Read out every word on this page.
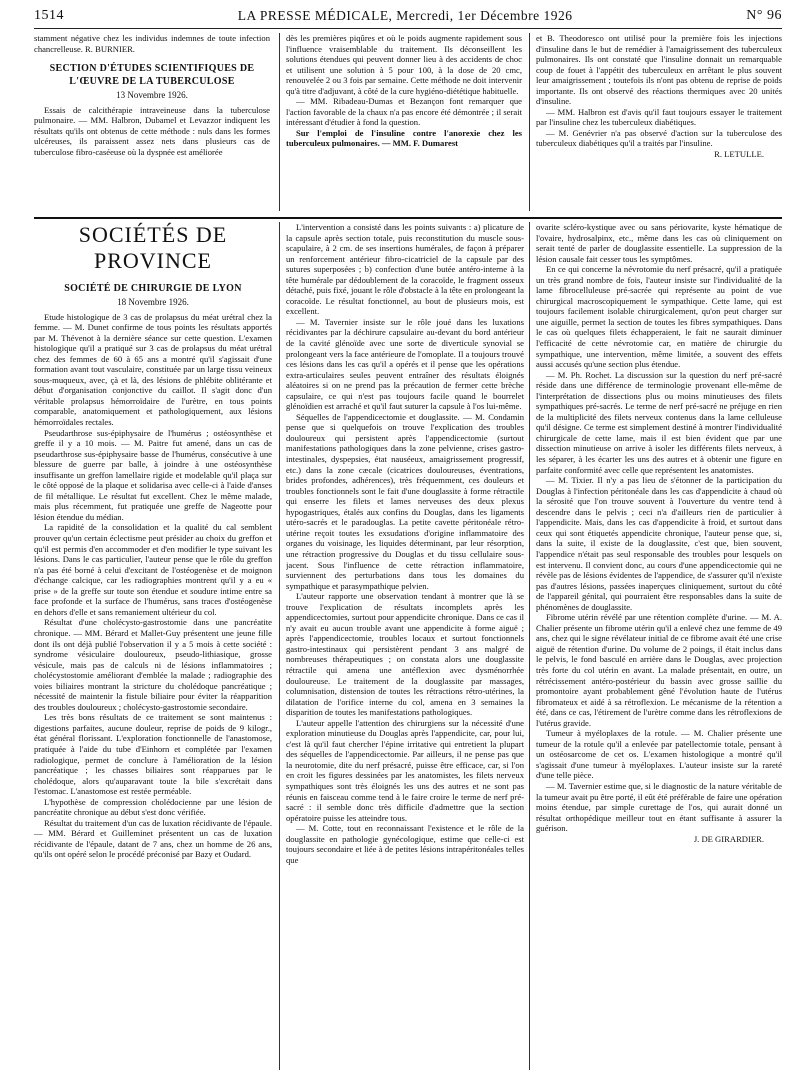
1514	LA PRESSE MÉDICALE, Mercredi, 1er Décembre 1926	N° 96

stamment négative chez les individus indemnes de toute infection chancrelleuse. R. BURNIER.

SECTION D'ÉTUDES SCIENTIFIQUES DE L'ŒUVRE DE LA TUBERCULOSE
13 Novembre 1926.

Essais de calcithérapie intraveineuse dans la tuberculose pulmonaire. — MM. Halbron, Dubamel et Levazzor indiquent les résultats qu'ils ont obtenus de cette méthode : nuls dans les formes ulcéreuses, ils paraissent assez nets dans plusieurs cas de tuberculose fibro-caséeuse où la dyspnée est améliorée

dès les premières piqûres et où le poids augmente rapidement sous l'influence vraisemblable du traitement. Ils déconseillent les solutions étendues qui peuvent donner lieu à des accidents de choc et utilisent une solution à 5 pour 100, à la dose de 20 cmc, renouvelée 2 ou 3 fois par semaine. Cette méthode ne doit intervenir qu'à titre d'adjuvant, à côté de la cure hygiéno-diététique habituelle.

— MM. Ribadeau-Dumas et Bezançon font remarquer que l'action favorable de la chaux n'a pas encore été démontrée ; il serait intéressant d'étudier à fond la question.

Sur l'emploi de l'insuline contre l'anorexie chez les tuberculeux pulmonaires. — MM. F. Dumarest

et B. Theodoresco ont utilisé pour la première fois les injections d'insuline dans le but de remédier à l'amaigrissement des tuberculeux pulmonaires. Ils ont constaté que l'insuline donnait un remarquable coup de fouet à l'appétit des tuberculeux en arrêtant le plus souvent leur amaigrissement ; toutefois ils n'ont pas obtenu de reprise de poids importante. Ils ont observé des réactions thermiques avec 20 unités d'insuline.

— MM. Halbron est d'avis qu'il faut toujours essayer le traitement par l'insuline chez les tuberculeux diabétiques.

— M. Genévrier n'a pas observé d'action sur la tuberculose des tuberculeux diabétiques qu'il a traités par l'insuline.

R. LETULLE.
SOCIÉTÉS DE PROVINCE
SOCIÉTÉ DE CHIRURGIE DE LYON
18 Novembre 1926.

Etude histologique de 3 cas de prolapsus du méat urétral chez la femme. — M. Dunet confirme de tous points les résultats apportés par M. Thévenot à la dernière séance sur cette question. L'examen histologique qu'il a pratiqué sur 3 cas de prolapsus du méat urétral chez des femmes de 60 à 65 ans a montré qu'il s'agissait d'une formation avant tout vasculaire, constituée par un large tissu veineux sous-muqueux, avec, çà et là, des lésions de phlébite oblitérante et début d'organisation conjonctive du caillot. Il s'agit donc d'un véritable prolapsus hémorroïdaire de l'urètre, en tous points comparable, anatomiquement et pathologiquement, aux lésions hémorroïdales rectales.

Pseudarthrose sus-épiphysaire de l'humérus ; ostéosynthèse et greffe il y a 10 mois. — M. Paitre fut amené, dans un cas de pseudarthrose sus-épiphysaire basse de l'humérus, consécutive à une blessure de guerre par balle, à joindre à une ostéosynthèse insuffisante un greffon lamellaire rigide et modelable qu'il plaça sur le côté opposé de la plaque et solidarisa avec celle-ci à l'aide d'anses de fil métallique. Le résultat fut excellent. Chez le même malade, mais plus récemment, fut pratiquée une greffe de Nageotte pour lésion étendue du médian.

La rapidité de la consolidation et la qualité du cal semblent prouver qu'un certain éclectisme peut présider au choix du greffon et qu'il est permis d'en accommoder et d'en modifier le type suivant les lésions. Dans le cas particulier, l'auteur pense que le rôle du greffon n'a pas été borné à celui d'excitant de l'ostéogenèse et de moignon d'échange calcique, car les radiographies montrent qu'il y a eu « prise » de la greffe sur toute son étendue et soudure intime entre sa face profonde et la surface de l'humérus, sans traces d'ostéogenèse en dehors d'elle et sans remaniement ultérieur du col.

Résultat d'une cholécysto-gastrostomie dans une pancréatite chronique. — MM. Bérard et Mallet-Guy présentent une jeune fille dont ils ont déjà publié l'observation il y a 5 mois à cette société : syndrome vésiculaire douloureux, pseudo-lithiasique, grosse vésicule, mais pas de calculs ni de lésions inflammatoires ; cholécystostomie améliorant d'emblée la malade ; radiographie des voies biliaires montrant la stricture du cholédoque pancréatique ; nécessité de maintenir la fistule biliaire pour éviter la réapparition des troubles douloureux ; cholécysto-gastrostomie secondaire.

Les très bons résultats de ce traitement se sont maintenus : digestions parfaites, aucune douleur, reprise de poids de 9 kilogr., état général florissant. L'exploration fonctionnelle de l'anastomose, pratiquée à l'aide du tube d'Einhorn et complétée par l'examen radiologique, permet de conclure à l'amélioration de la lésion pancréatique ; les chasses biliaires sont réapparues par le cholédoque, alors qu'auparavant toute la bile s'excrétait dans l'estomac. L'anastomose est restée perméable.

L'hypothèse de compression cholédocienne par une lésion de pancréatite chronique au début s'est donc vérifiée.

Résultat du traitement d'un cas de luxation récidivante de l'épaule. — MM. Bérard et Guilleminet présentent un cas de luxation récidivante de l'épaule, datant de 7 ans, chez un homme de 26 ans, qu'ils ont opéré selon le procédé préconisé par Bazy et Oudard.

L'intervention a consisté dans les points suivants : a) plicature de la capsule après section totale, puis reconstitution du muscle sous-scapulaire, à 2 cm. de ses insertions humérales, de façon à préparer un renforcement antérieur fibro-cicatriciel de la capsule par des sutures superposées ; b) confection d'une butée antéro-interne à la tête humérale par dédoublement de la coracoïde, le fragment osseux détaché, puis fixé, jouant le rôle d'obstacle à la tête en prolongeant la coracoïde. Le résultat fonctionnel, au bout de plusieurs mois, est excellent.

— M. Tavernier insiste sur le rôle joué dans les luxations récidivantes par la déchirure capsulaire au-devant du bord antérieur de la cavité glénoïde avec une sorte de diverticule synovial se prolongeant vers la face antérieure de l'omoplate. Il a toujours trouvé ces lésions dans les cas qu'il a opérés et il pense que les opérations extra-articulaires seules peuvent entraîner des résultats éloignés aléatoires si on ne prend pas la précaution de fermer cette brèche capsulaire, ce qui n'est pas toujours facile quand le bourrelet glénoïdien est arraché et qu'il faut suturer la capsule à l'os lui-même.

Séquelles de l'appendicectomie et douglassite. — M. Condamin pense que si quelquefois on trouve l'explication des troubles douloureux qui persistent après l'appendicectomie (surtout manifestations pathologiques dans la zone pelvienne, crises gastro-intestinales, dyspepsies, état nauséeux, amaigrissement progressif, etc.) dans la zone cæcale (cicatrices douloureuses, éventrations, brides profondes, adhérences), très fréquemment, ces douleurs et troubles fonctionnels sont le fait d'une douglassite à forme rétractile qui enserre les filets et lames nerveuses des deux plexus hypogastriques, étalés aux confins du Douglas, dans les ligaments utéro-sacrés et le paradouglas. La petite cavette péritonéale rétro-utérine reçoit toutes les exsudations d'origine inflammatoire des organes du voisinage, les liquides déterminant, par leur résorption, une rétraction progressive du Douglas et du tissu cellulaire sous-jacent. Sous l'influence de cette rétraction inflammatoire, surviennent des perturbations dans tous les domaines du sympathique et parasympathique pelvien.

L'auteur rapporte une observation tendant à montrer que là se trouve l'explication de résultats incomplets après les appendicectomies, surtout pour appendicite chronique. Dans ce cas il n'y avait eu aucun trouble avant une appendicite à forme aiguë ; après l'appendicectomie, troubles locaux et surtout fonctionnels gastro-intestinaux qui persistèrent pendant 3 ans malgré de nombreuses thérapeutiques ; on constata alors une douglassite rétractile qui amena une antéflexion avec dysménorrhée douloureuse. Le traitement de la douglassite par massages, columnisation, distension de toutes les rétractions rétro-utérines, la dilatation de l'orifice interne du col, amena en 3 semaines la disparition de toutes les manifestations pathologiques.

L'auteur appelle l'attention des chirurgiens sur la nécessité d'une exploration minutieuse du Douglas après l'appendicite, car, pour lui, c'est là qu'il faut chercher l'épine irritative qui entretient la plupart des séquelles de l'appendicectomie. Par ailleurs, il ne pense pas que la neurotomie, dite du nerf présacré, puisse être efficace, car, si l'on en croit les figures dessinées par les anatomistes, les filets nerveux sympathiques sont très éloignés les uns des autres et ne sont pas réunis en faisceau comme tend à le faire croire le terme de nerf pré-sacré : il semble donc très difficile d'admettre que la section opératoire puisse les atteindre tous.

— M. Cotte, tout en reconnaissant l'existence et le rôle de la douglassite en pathologie gynécologique, estime que celle-ci est toujours secondaire et liée à de petites lésions intrapéritonéales telles que

ovarite scléro-kystique avec ou sans périovarite, kyste hématique de l'ovaire, hydrosalpinx, etc., même dans les cas où cliniquement on serait tenté de parler de douglassite essentielle. La suppression de la lésion causale fait cesser tous les symptômes.

En ce qui concerne la névrotomie du nerf présacré, qu'il a pratiquée un très grand nombre de fois, l'auteur insiste sur l'individualité de la lame fibrocelluleuse pré-sacrée qui représente au point de vue chirurgical macroscopiquement le sympathique. Cette lame, qui est toujours facilement isolable chirurgicalement, qu'on peut charger sur une aiguille, permet la section de toutes les fibres sympathiques. Dans le cas où quelques filets échapperaient, le fait ne saurait diminuer l'efficacité de cette névrotomie car, en matière de chirurgie du sympathique, une intervention, même limitée, a souvent des effets aussi accusés qu'une section plus étendue.

— M. Ph. Rochet. La discussion sur la question du nerf pré-sacré réside dans une différence de terminologie provenant elle-même de l'interprétation de dissections plus ou moins minutieuses des filets sympathiques pré-sacrés. Le terme de nerf pré-sacré ne préjuge en rien de la multiplicité des filets nerveux contenus dans la lame celluleuse qu'il désigne. Ce terme est simplement destiné à montrer l'individualité chirurgicale de cette lame, mais il est bien évident que par une dissection minutieuse on arrive à isoler les différents filets nerveux, à les séparer, à les écarter les uns des autres et à obtenir une figure en parfaite conformité avec celle que représentent les anatomistes.

— M. Tixier. Il n'y a pas lieu de s'étonner de la participation du Douglas à l'infection péritonéale dans les cas d'appendicite à chaud où la sérosité que l'on trouve souvent à l'ouverture du ventre tend à descendre dans le pelvis ; ceci n'a d'ailleurs rien de particulier à l'appendicite. Mais, dans les cas d'appendicite à froid, et surtout dans ceux qui sont étiquetés appendicite chronique, l'auteur pense que, si, dans la suite, il existe de la douglassite, c'est que, bien souvent, l'appendice n'était pas seul responsable des troubles pour lesquels on est intervenu. Il convient donc, au cours d'une appendicectomie qui ne révèle pas de lésions évidentes de l'appendice, de s'assurer qu'il n'existe pas d'autres lésions, passées inaperçues cliniquement, surtout du côté de l'appareil génital, qui pourraient être responsables dans la suite de phénomènes de douglassite.

Fibrome utérin révélé par une rétention complète d'urine. — M. A. Chalier présente un fibrome utérin qu'il a enlevé chez une femme de 49 ans, chez qui le signe révélateur initial de ce fibrome avait été une crise aiguë de rétention d'urine. Du volume de 2 poings, il était inclus dans le pelvis, le fond basculé en arrière dans le Douglas, avec projection très forte du col utérin en avant. La malade présentait, en outre, un rétrécissement antéro-postérieur du bassin avec grosse saillie du promontoire ayant probablement gêné l'évolution haute de l'utérus fibromateux et aidé à sa rétroflexion. Le mécanisme de la rétention a été, dans ce cas, l'étirement de l'urètre comme dans les rétroflexions de l'utérus gravide.

Tumeur à myéloplaxes de la rotule. — M. Chalier présente une tumeur de la rotule qu'il a enlevée par patellectomie totale, pensant à un ostéosarcome de cet os. L'examen histologique a montré qu'il s'agissait d'une tumeur à myéloplaxes. L'auteur insiste sur la rareté d'une telle pièce.

— M. Tavernier estime que, si le diagnostic de la nature véritable de la tumeur avait pu être porté, il eût été préférable de faire une opération moins étendue, par simple curettage de l'os, qui aurait donné un résultat orthopédique meilleur tout en étant suffisante à assurer la guérison.

J. DE GIRARDIER.
